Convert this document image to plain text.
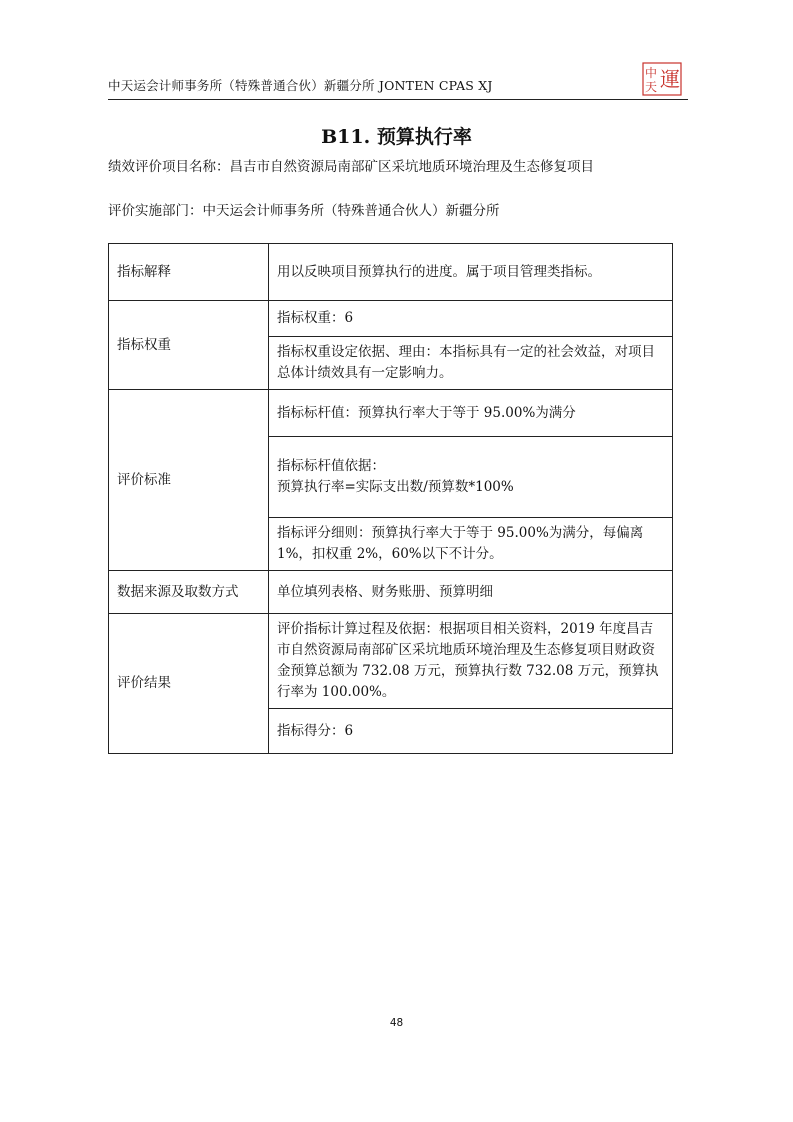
中天运会计师事务所（特殊普通合伙）新疆分所 JONTEN CPAS XJ
中
天 運
B11. 预算执行率
绩效评价项目名称：昌吉市自然资源局南部矿区采坑地质环境治理及生态修复项目
评价实施部门：中天运会计师事务所（特殊普通合伙人）新疆分所
指标解释	用以反映项目预算执行的进度。属于项目管理类指标。
指标权重	指标权重：6
	指标权重设定依据、理由：本指标具有一定的社会效益，对项目总体计绩效具有一定影响力。
评价标准	指标标杆值：预算执行率大于等于 95.00%为满分

	指标标杆值依据：
预算执行率=实际支出数/预算数*100%

	指标评分细则：预算执行率大于等于 95.00%为满分，每偏离 1%，扣权重 2%，60%以下不计分。
数据来源及取数方式	单位填列表格、财务账册、预算明细
评价结果	评价指标计算过程及依据：根据项目相关资料，2019 年度昌吉市自然资源局南部矿区采坑地质环境治理及生态修复项目财政资金预算总额为 732.08 万元，预算执行数 732.08 万元，预算执行率为 100.00%。
	指标得分：6
48
